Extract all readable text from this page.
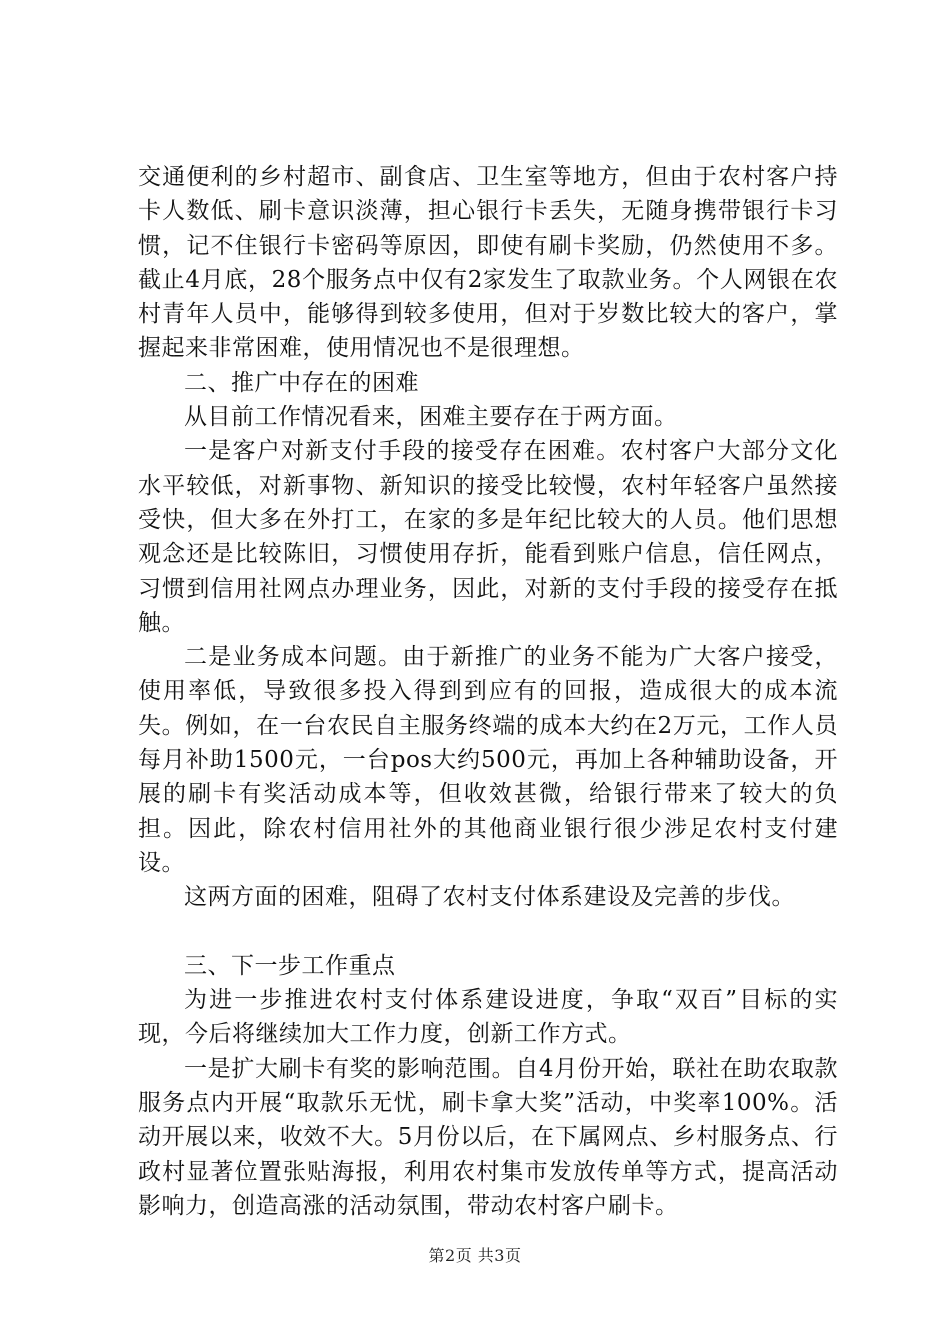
交通便利的乡村超市、副食店、卫生室等地方，但由于农村客户持卡人数低、刷卡意识淡薄，担心银行卡丢失，无随身携带银行卡习惯，记不住银行卡密码等原因，即使有刷卡奖励，仍然使用不多。截止4月底，28个服务点中仅有2家发生了取款业务。个人网银在农村青年人员中，能够得到较多使用，但对于岁数比较大的客户，掌握起来非常困难，使用情况也不是很理想。

二、推广中存在的困难

从目前工作情况看来，困难主要存在于两方面。

一是客户对新支付手段的接受存在困难。农村客户大部分文化水平较低，对新事物、新知识的接受比较慢，农村年轻客户虽然接受快，但大多在外打工，在家的多是年纪比较大的人员。他们思想观念还是比较陈旧，习惯使用存折，能看到账户信息，信任网点，习惯到信用社网点办理业务，因此，对新的支付手段的接受存在抵触。

二是业务成本问题。由于新推广的业务不能为广大客户接受，使用率低，导致很多投入得到到应有的回报，造成很大的成本流失。例如，在一台农民自主服务终端的成本大约在2万元，工作人员每月补助1500元，一台pos大约500元，再加上各种辅助设备，开展的刷卡有奖活动成本等，但收效甚微，给银行带来了较大的负担。因此，除农村信用社外的其他商业银行很少涉足农村支付建设。

这两方面的困难，阻碍了农村支付体系建设及完善的步伐。

三、下一步工作重点

为进一步推进农村支付体系建设进度，争取“双百”目标的实现，今后将继续加大工作力度，创新工作方式。

一是扩大刷卡有奖的影响范围。自4月份开始，联社在助农取款服务点内开展“取款乐无忧，刷卡拿大奖”活动，中奖率100%。活动开展以来，收效不大。5月份以后，在下属网点、乡村服务点、行政村显著位置张贴海报，利用农村集市发放传单等方式，提高活动影响力，创造高涨的活动氛围，带动农村客户刷卡。

第2页 共3页
